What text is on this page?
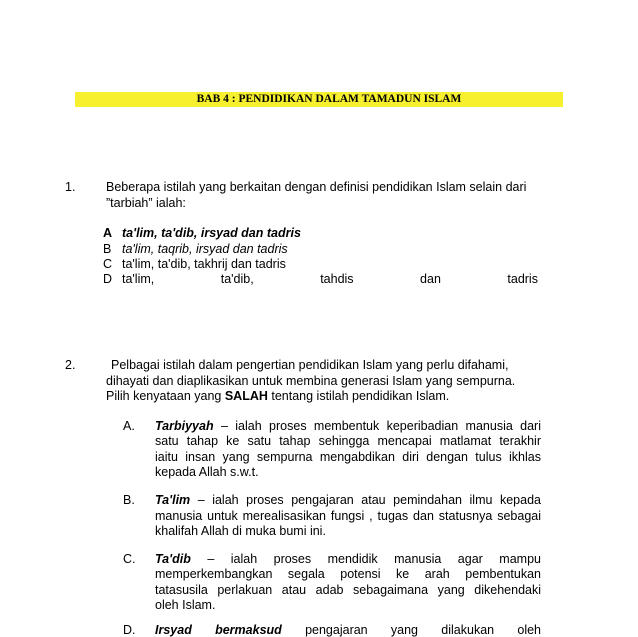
BAB 4 : PENDIDIKAN DALAM TAMADUN ISLAM
1. Beberapa istilah yang berkaitan dengan definisi pendidikan Islam selain dari
”tarbiah” ialah:
A ta'lim, ta'dib, irsyad dan tadris
B ta'lim, taqrib, irsyad dan tadris
C ta'lim, ta'dib, takhrij dan tadris
D ta'lim,	ta'dib,	tahdis	dan	tadris
2.	Pelbagai istilah dalam pengertian pendidikan Islam yang perlu difahami,
dihayati dan diaplikasikan untuk membina generasi Islam yang sempurna.
Pilih kenyataan yang SALAH tentang istilah pendidikan Islam.
A. Tarbiyyah – ialah proses membentuk keperibadian manusia dari
satu tahap ke satu tahap sehingga mencapai matlamat terakhir
iaitu insan yang sempurna mengabdikan diri dengan tulus ikhlas
kepada Allah s.w.t.
B. Ta'lim – ialah proses pengajaran atau pemindahan ilmu kepada
manusia untuk merealisasikan fungsi , tugas dan statusnya sebagai
khalifah Allah di muka bumi ini.
C. Ta'dib – ialah proses mendidik manusia agar mampu
memperkembangkan segala potensi ke arah pembentukan
tatasusila perlakuan atau adab sebagaimana yang dikehendaki
oleh Islam.
D. Irsyad bermaksud pengajaran yang dilakukan oleh
